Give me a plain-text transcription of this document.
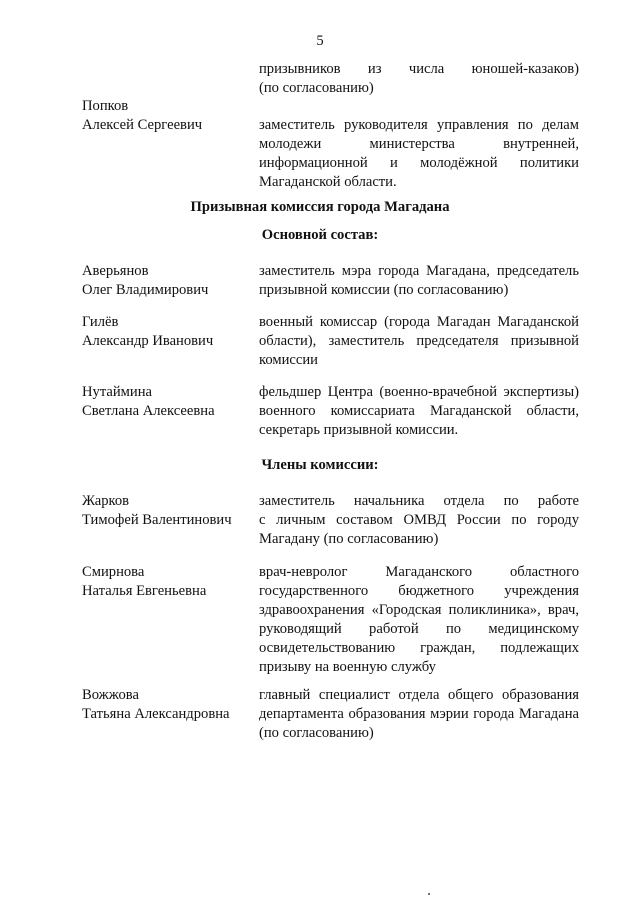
5
призывников из числа юношей-казаков)
(по согласованию)
Попков
Алексей Сергеевич	заместитель руководителя управления по делам
молодежи министерства внутренней,
информационной и молодёжной политики
Магаданской области.
Призывная комиссия города Магадана
Основной состав:
Аверьянов
Олег Владимирович
заместитель мэра города Магадана, председатель
призывной комиссии (по согласованию)
Гилёв
Александр Иванович
военный комиссар (города Магадан Магаданской
области), заместитель председателя призывной
комиссии
Нутаймина
Светлана Алексеевна
фельдшер Центра (военно-врачебной экспертизы)
военного комиссариата Магаданской области,
секретарь призывной комиссии.
Члены комиссии:
Жарков
Тимофей Валентинович
заместитель начальника отдела по работе
с личным составом ОМВД России по городу
Магадану (по согласованию)
Смирнова
Наталья Евгеньевна
врач-невролог Магаданского областного
государственного бюджетного учреждения
здравоохранения «Городская поликлиника», врач,
руководящий работой по медицинскому
освидетельствованию граждан, подлежащих
призыву на военную службу
Вожжова
Татьяна Александровна
главный специалист отдела общего образования
департамента образования мэрии города Магадана
(по согласованию)
